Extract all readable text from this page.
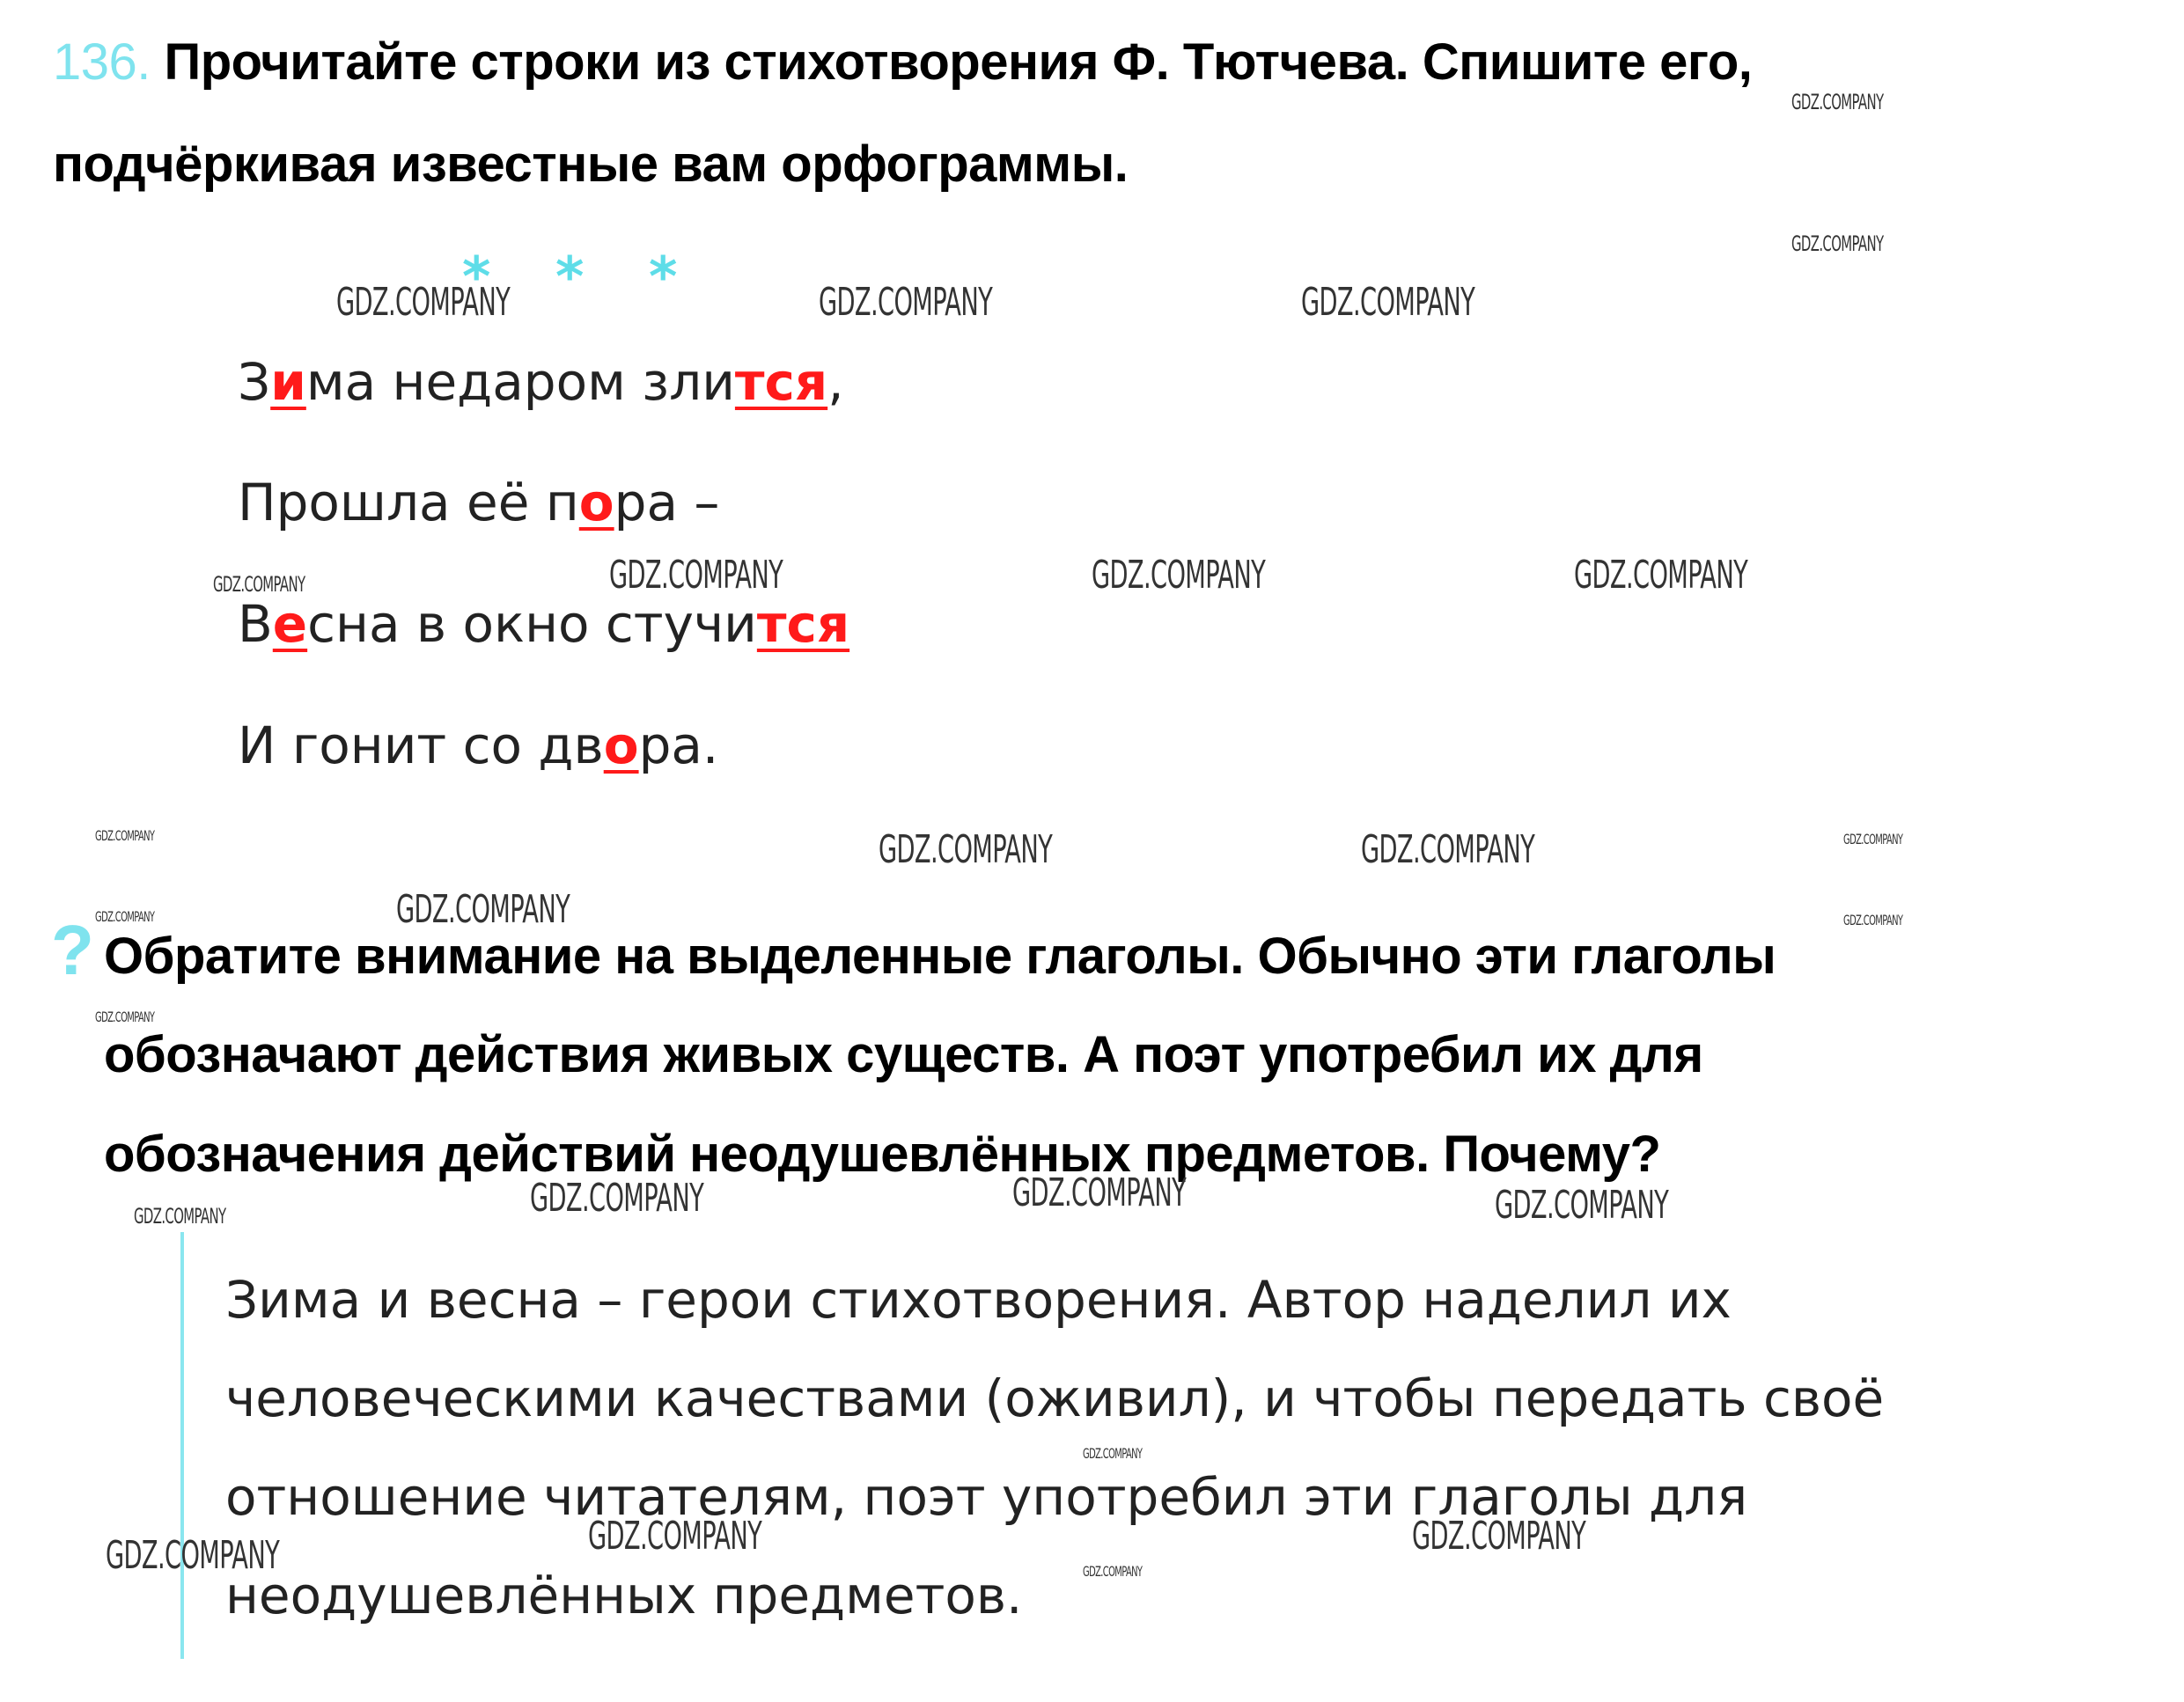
136. Прочитайте строки из стихотворения Ф. Тютчева. Спишите его,
подчёркивая известные вам орфограммы.
* * *
Зима недаром злится,
Прошла её пора –
Весна в окно стучится
И гонит со двора.
? Обратите внимание на выделенные глаголы. Обычно эти глаголы
обозначают действия живых существ. А поэт употребил их для
обозначения действий неодушевлённых предметов. Почему?
Зима и весна – герои стихотворения. Автор наделил их
человеческими качествами (оживил), и чтобы передать своё
отношение читателям, поэт употребил эти глаголы для
неодушевлённых предметов.
GDZ.COMPANY
GDZ.COMPANY
GDZ.COMPANY	GDZ.COMPANY	GDZ.COMPANY
GDZ.COMPANY	GDZ.COMPANY	GDZ.COMPANY	GDZ.COMPANY
GDZ.COMPANY	GDZ.COMPANY	GDZ.COMPANY	GDZ.COMPANY
GDZ.COMPANY	GDZ.COMPANY	GDZ.COMPANY
GDZ.COMPANY
GDZ.COMPANY	GDZ.COMPANY	GDZ.COMPANY	GDZ.COMPANY
GDZ.COMPANY
GDZ.COMPANY	GDZ.COMPANY	GDZ.COMPANY
GDZ.COMPANY
